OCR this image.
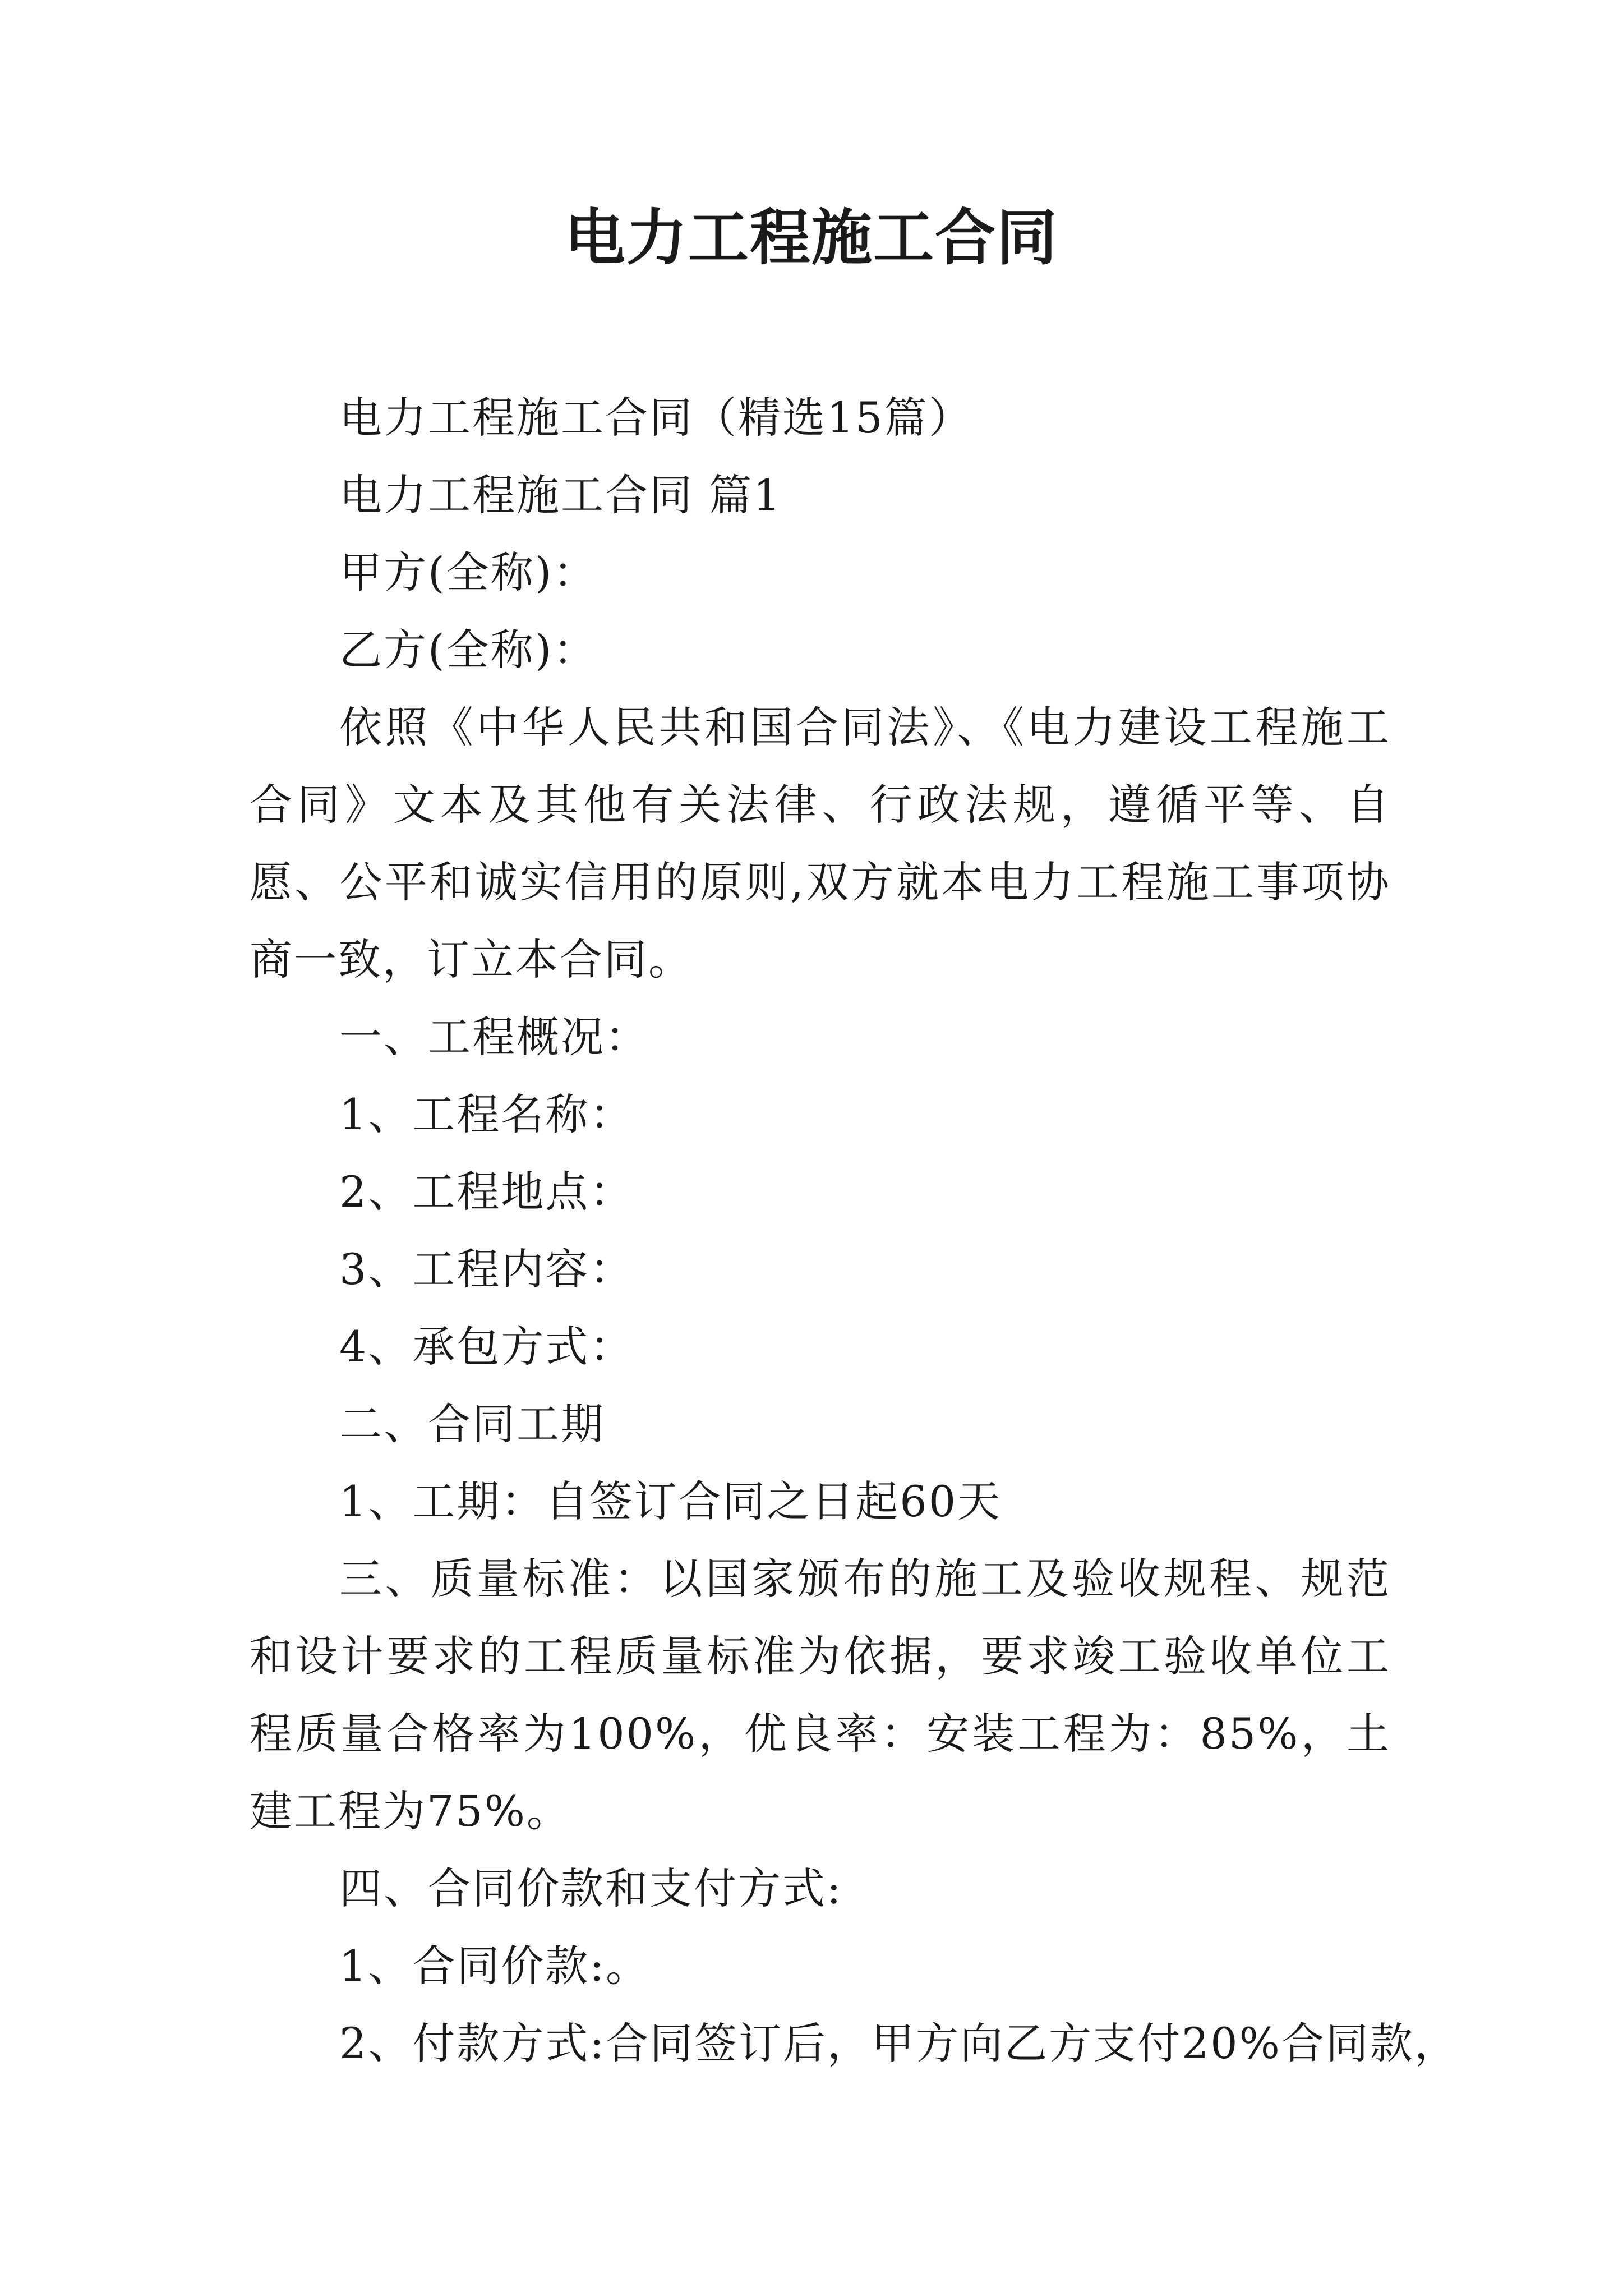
电力工程施工合同

电力工程施工合同（精选15篇）

电力工程施工合同 篇1

甲方(全称)：

乙方(全称)：

依照《中华人民共和国合同法》、《电力建设工程施工合同》文本及其他有关法律、行政法规，遵循平等、自愿、公平和诚实信用的原则,双方就本电力工程施工事项协商一致，订立本合同。

一、工程概况：

1、工程名称：

2、工程地点：

3、工程内容：

4、承包方式：

二、合同工期

1、工期：自签订合同之日起60天

三、质量标准：以国家颁布的施工及验收规程、规范和设计要求的工程质量标准为依据，要求竣工验收单位工程质量合格率为100%，优良率：安装工程为：85%，土建工程为75%。

四、合同价款和支付方式:

1、合同价款:。

2、付款方式:合同签订后，甲方向乙方支付20%合同款，
